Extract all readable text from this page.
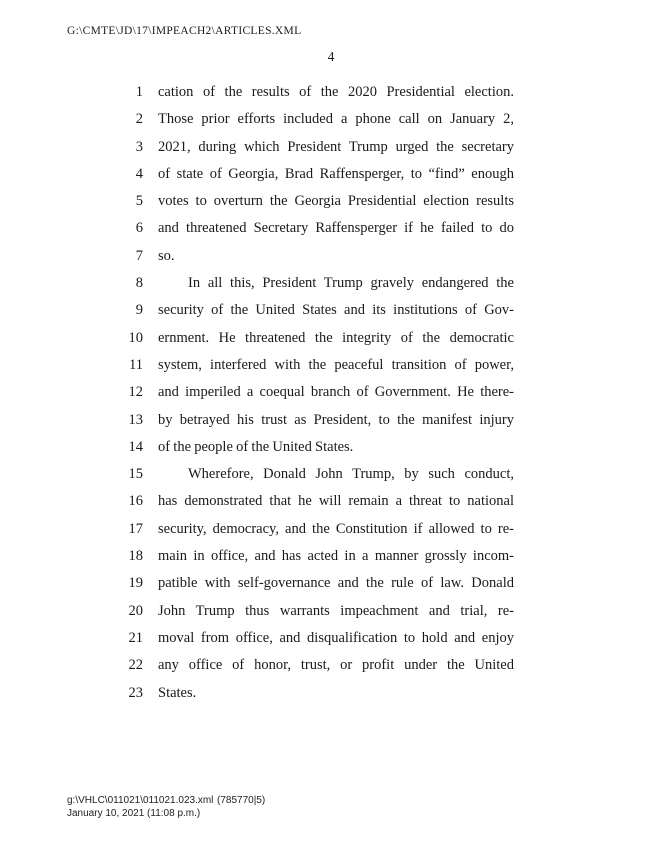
G:\CMTE\JD\17\IMPEACH2\ARTICLES.XML
4
1	cation of the results of the 2020 Presidential election.
2	Those prior efforts included a phone call on January 2,
3	2021, during which President Trump urged the secretary
4	of state of Georgia, Brad Raffensperger, to “find” enough
5	votes to overturn the Georgia Presidential election results
6	and threatened Secretary Raffensperger if he failed to do
7	so.
8	In all this, President Trump gravely endangered the
9	security of the United States and its institutions of Gov-
10	ernment. He threatened the integrity of the democratic
11	system, interfered with the peaceful transition of power,
12	and imperiled a coequal branch of Government. He there-
13	by betrayed his trust as President, to the manifest injury
14	of the people of the United States.
15	Wherefore, Donald John Trump, by such conduct,
16	has demonstrated that he will remain a threat to national
17	security, democracy, and the Constitution if allowed to re-
18	main in office, and has acted in a manner grossly incom-
19	patible with self-governance and the rule of law. Donald
20	John Trump thus warrants impeachment and trial, re-
21	moval from office, and disqualification to hold and enjoy
22	any office of honor, trust, or profit under the United
23	States.
g:\VHLC\011021\011021.023.xml (785770|5)
January 10, 2021 (11:08 p.m.)
